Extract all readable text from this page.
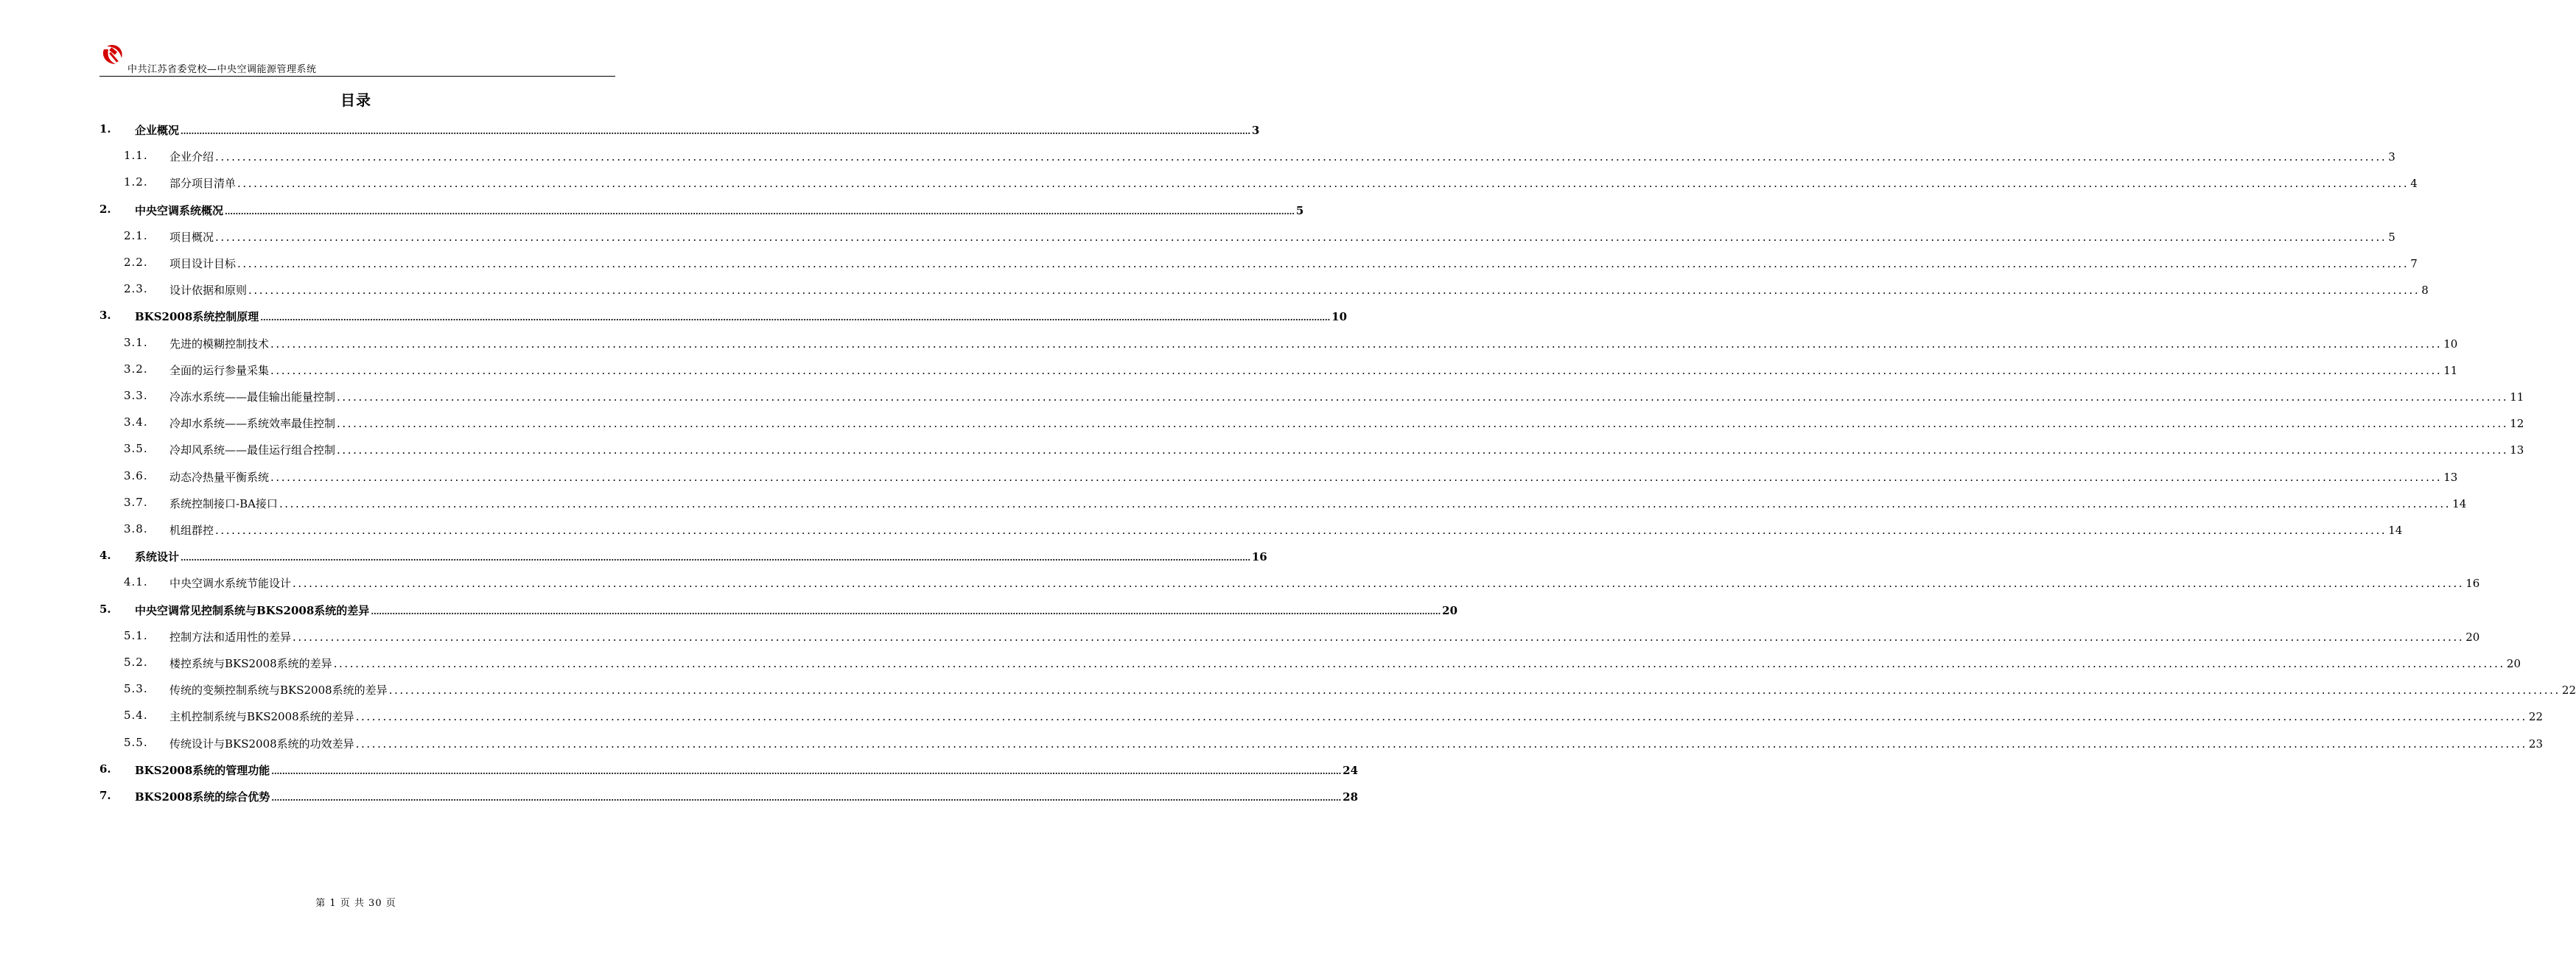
中共江苏省委党校—中央空调能源管理系统
目录
1. 企业概况 ................................................................................................................................................................................................................................................................................................................................................................................................................ 3
1.1. 企业介绍 ................................................................................................................................................................................................................................................................................................................................................................................................................ 3
1.2. 部分项目清单 ................................................................................................................................................................................................................................................................................................................................................................................................................ 4
2. 中央空调系统概况 ................................................................................................................................................................................................................................................................................................................................................................................................................ 5
2.1. 项目概况 ................................................................................................................................................................................................................................................................................................................................................................................................................ 5
2.2. 项目设计目标 ................................................................................................................................................................................................................................................................................................................................................................................................................ 7
2.3. 设计依据和原则 ................................................................................................................................................................................................................................................................................................................................................................................................................ 8
3. BKS2008系统控制原理 ................................................................................................................................................................................................................................................................................................................................................................................................................ 10
3.1. 先进的模糊控制技术 ................................................................................................................................................................................................................................................................................................................................................................................................................ 10
3.2. 全面的运行参量采集 ................................................................................................................................................................................................................................................................................................................................................................................................................ 11
3.3. 冷冻水系统——最佳输出能量控制 ................................................................................................................................................................................................................................................................................................................................................................................................................ 11
3.4. 冷却水系统——系统效率最佳控制 ................................................................................................................................................................................................................................................................................................................................................................................................................ 12
3.5. 冷却风系统——最佳运行组合控制 ................................................................................................................................................................................................................................................................................................................................................................................................................ 13
3.6. 动态冷热量平衡系统 ................................................................................................................................................................................................................................................................................................................................................................................................................ 13
3.7. 系统控制接口-BA接口 ................................................................................................................................................................................................................................................................................................................................................................................................................ 14
3.8. 机组群控 ................................................................................................................................................................................................................................................................................................................................................................................................................ 14
4. 系统设计 ................................................................................................................................................................................................................................................................................................................................................................................................................ 16
4.1. 中央空调水系统节能设计 ................................................................................................................................................................................................................................................................................................................................................................................................................ 16
5. 中央空调常见控制系统与BKS2008系统的差异 ................................................................................................................................................................................................................................................................................................................................................................................................................ 20
5.1. 控制方法和适用性的差异 ................................................................................................................................................................................................................................................................................................................................................................................................................ 20
5.2. 楼控系统与BKS2008系统的差异 ................................................................................................................................................................................................................................................................................................................................................................................................................ 20
5.3. 传统的变频控制系统与BKS2008系统的差异 ................................................................................................................................................................................................................................................................................................................................................................................................................ 22
5.4. 主机控制系统与BKS2008系统的差异 ................................................................................................................................................................................................................................................................................................................................................................................................................ 22
5.5. 传统设计与BKS2008系统的功效差异 ................................................................................................................................................................................................................................................................................................................................................................................................................ 23
6. BKS2008系统的管理功能 ................................................................................................................................................................................................................................................................................................................................................................................................................ 24
7. BKS2008系统的综合优势 ................................................................................................................................................................................................................................................................................................................................................................................................................ 28
第 1 页 共 30 页
